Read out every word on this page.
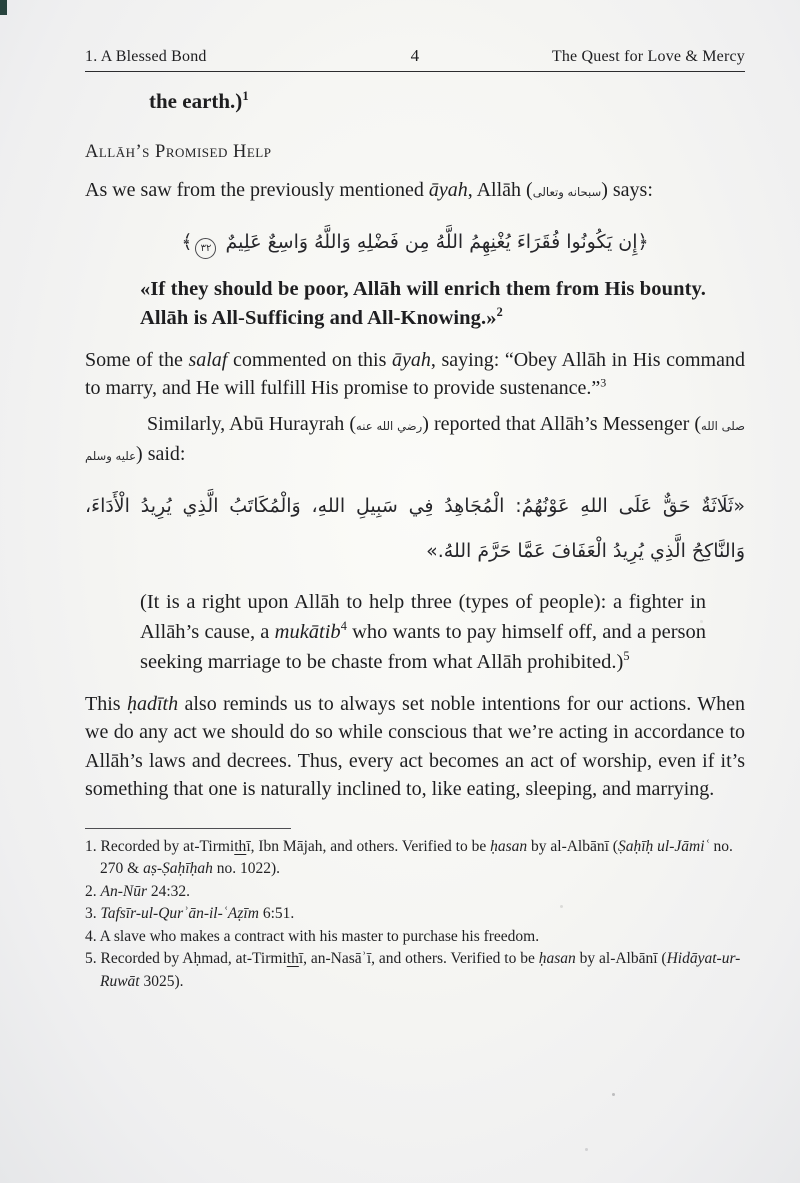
1. A Blessed Bond	4	The Quest for Love & Mercy
the earth.)$^1$
Allāh’s Promised Help
As we saw from the previously mentioned āyah, Allāh (سبحانه وتعالى) says:
﴿إِن يَكُونُوا فُقَرَاءَ يُغْنِهِمُ اللَّهُ مِن فَضْلِهِ وَاللَّهُ وَاسِعٌ عَلِيمٌ ٣٢﴾
«If they should be poor, Allāh will enrich them from His bounty. Allāh is All-Sufficing and All-Knowing.»$^2$
Some of the salaf commented on this āyah, saying: “Obey Allāh in His command to marry, and He will fulfill His promise to provide sustenance.”$^3$
Similarly, Abū Hurayrah (رضي الله عنه) reported that Allāh’s Messenger (صلى الله عليه وسلم) said:
«ثَلَاثَةٌ حَقٌّ عَلَى اللهِ عَوْنُهُمُ: الْمُجَاهِدُ فِي سَبِيلِ اللهِ، وَالْمُكَاتَبُ الَّذِي يُرِيدُ الْأَدَاءَ، وَالنَّاكِحُ الَّذِي يُرِيدُ الْعَفَافَ عَمَّا حَرَّمَ اللهُ.»
(It is a right upon Allāh to help three (types of people): a fighter in Allāh’s cause, a mukātib$^4$ who wants to pay himself off, and a person seeking marriage to be chaste from what Allāh prohibited.)$^5$
This ḥadīth also reminds us to always set noble intentions for our actions. When we do any act we should do so while conscious that we’re acting in accordance to Allāh’s laws and decrees. Thus, every act becomes an act of worship, even if it’s something that one is naturally inclined to, like eating, sleeping, and marrying.
1. Recorded by at-Tirmithī, Ibn Mājah, and others. Verified to be ḥasan by al-Albānī (Ṣaḥīḥ ul-Jāmiʿ no. 270 & aṣ-Ṣaḥīḥah no. 1022).
2. An-Nūr 24:32.
3. Tafsīr-ul-Qurʾān-il-ʿAẓīm 6:51.
4. A slave who makes a contract with his master to purchase his freedom.
5. Recorded by Aḥmad, at-Tirmithī, an-Nasāʾī, and others. Verified to be ḥasan by al-Albānī (Hidāyat-ur-Ruwāt 3025).
